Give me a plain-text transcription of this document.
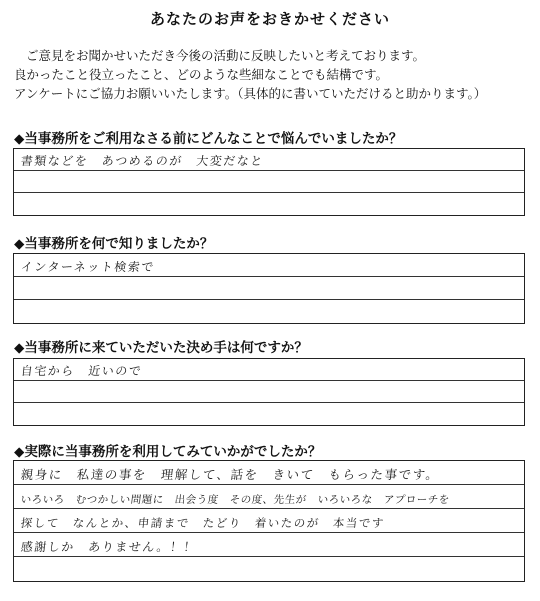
あなたのお声をおきかせください
ご意見をお聞かせいただき今後の活動に反映したいと考えております。
良かったこと役立ったこと、どのような些細なことでも結構です。
アンケートにご協力お願いいたします。（具体的に書いていただけると助かります。）
◆当事務所をご利用なさる前にどんなことで悩んでいましたか？
書類などを　あつめるのが　大変だなと
◆当事務所を何で知りましたか？
インターネット検索で
◆当事務所に来ていただいた決め手は何ですか？
自宅から　近いので
◆実際に当事務所を利用してみていかがでしたか？
親身に　私達の事を　理解して、話を　きいて　もらった事です。
いろいろ　むつかしい問題に　出会う度　その度、先生が　いろいろな　アプローチを
探して　なんとか、申請まで　たどり　着いたのが　本当です
感謝しか　ありません。！！
